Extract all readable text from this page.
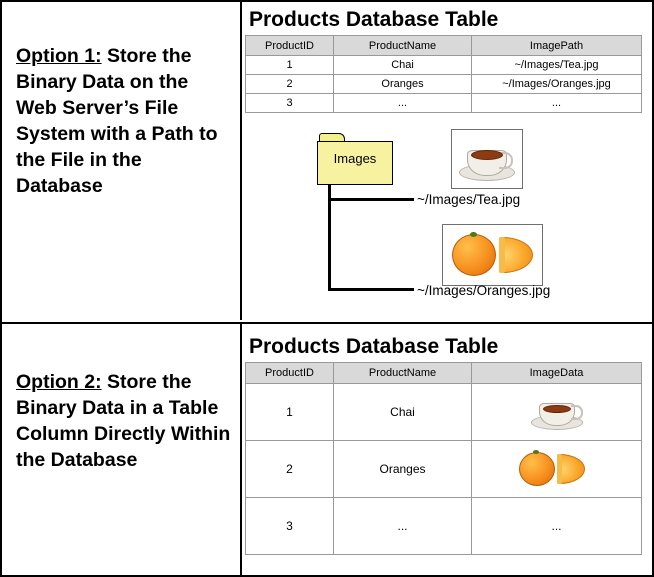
Option 1: Store the Binary Data on the Web Server’s File System with a Path to the File in the Database
Products Database Table
ProductID	ProductName	ImagePath
1	Chai	~/Images/Tea.jpg
2	Oranges	~/Images/Oranges.jpg
3	...	...
Images
~/Images/Tea.jpg
~/Images/Oranges.jpg
Option 2: Store the Binary Data in a Table Column Directly Within the Database
Products Database Table
ProductID	ProductName	ImageData
1	Chai	

2	Oranges	

3	...	...
